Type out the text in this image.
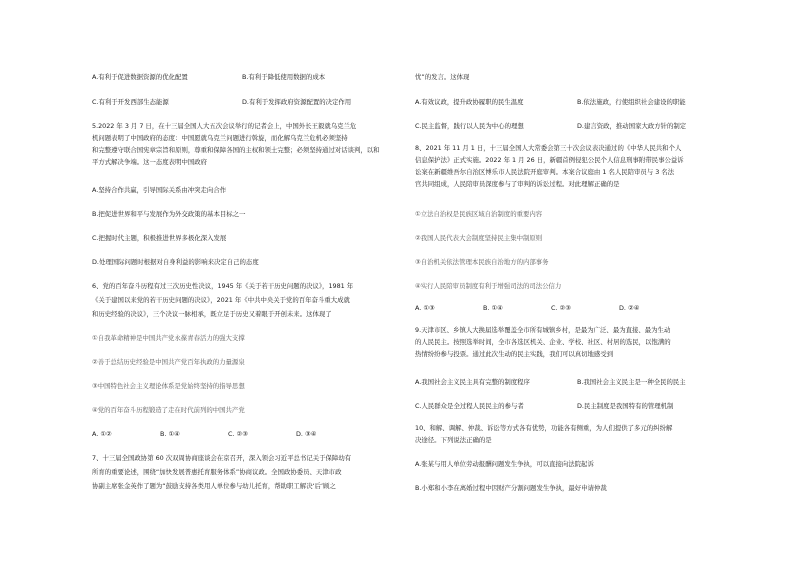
A.有利于促进数据资源的优化配置	B.有利于降低使用数据的成本
C.有利于开发西部生态能源	D.有利于发挥政府资源配置的决定作用
5.2022 年 3 月 7 日，在十三届全国人大五次会议举行的记者会上，中国外长王毅就乌克兰危
机问题表明了中国政府的态度：中国愿就乌克兰问题进行斡旋，而化解乌克兰危机必须坚持
和完整遵守联合国宪章宗旨和原则，尊重和保障各国的主权和领土完整；必须坚持通过对话谈判，以和
平方式解决争端。这一态度表明中国政府
A.坚持合作共赢，引导国际关系由冲突走向合作
B.把促进世界和平与发展作为外交政策的基本目标之一
C.把握时代主题，积极推进世界多极化深入发展
D.处理国际问题时根据对自身利益的影响来决定自己的态度
6、党的百年奋斗历程有过三次历史性决议，1945 年《关于若干历史问题的决议》，1981 年
《关于建国以来党的若干历史问题的决议》，2021 年《中共中央关于党的百年奋斗重大成就
和历史经验的决议》，三个决议一脉相承，既立足于历史又着眼于开创未来。这体现了
①自我革命精神是中国共产党永葆青春活力的强大支撑
②善于总结历史经验是中国共产党百年执政的力量源泉
③中国特色社会主义理论体系是党始终坚持的指导思想
④党的百年奋斗历程锻造了走在时代前列的中国共产党
A. ①②	B. ①④	C. ②③	D. ③④
7、十三届全国政协第 60 次双周协商座谈会在京召开，深入领会习近平总书记关于保障幼有
所育的重要论述，围绕“加快发展普惠托育服务体系”协商议政。全国政协委员、天津市政
协副主席张金英作了题为“鼓励支持各类用人单位参与幼儿托育，帮助职工解决‘后’顾之
忧”的发言。这体现
A.有效议政，提升政协履职的民生温度	B.依法施政，行使组织社会建设的职能
C.民主监督，践行以人民为中心的理想	D.建言资政，推动国家大政方针的制定
8、2021 年 11 月 1 日，十三届全国人大常委会第三十次会议表决通过的《中华人民共和个人
信息保护法》正式实施。2022 年 1 月 26 日，新疆首例侵犯公民个人信息刑事附带民事公益诉
讼案在新疆维吾尔自治区博乐市人民法院开庭审判。本案合议庭由 1 名人民陪审员与 3 名法
官共同组成，人民陪审员深度参与了审判的诉讼过程。对此理解正确的是
①立法自治权是民族区域自治制度的重要内容
②我国人民代表大会制度坚持民主集中制原则
③自治机关依法管理本民族自治地方的内部事务
④实行人民陪审员制度有利于增强司法的司法公信力
A. ①③	B. ①④	C. ②③	D. ②④
9.天津市区、乡镇人大换届选举覆盖全市所有城镇乡村，是最为广泛、最为直接、最为生动
的人民民主。按照选举时间，全市各选区机关、企业、学校、社区、村居的选民，以饱满的
热情纷纷参与投票。通过此次生动的民主实践，我们可以真切地感受到
A.我国社会主义民主具有完整的制度程序	B.我国社会主义民主是一种全民的民主
C.人民群众是全过程人民民主的参与者	D.民主制度是我国特有的管理机制
10、和解、调解、仲裁、诉讼等方式各有优势，功能各有侧重，为人们提供了多元的纠纷解
决途径。下列说法正确的是
A.张某与用人单位劳动报酬问题发生争执，可以直接向法院起诉
B.小郑和小李在离婚过程中因财产分割问题发生争执，最好申请仲裁
